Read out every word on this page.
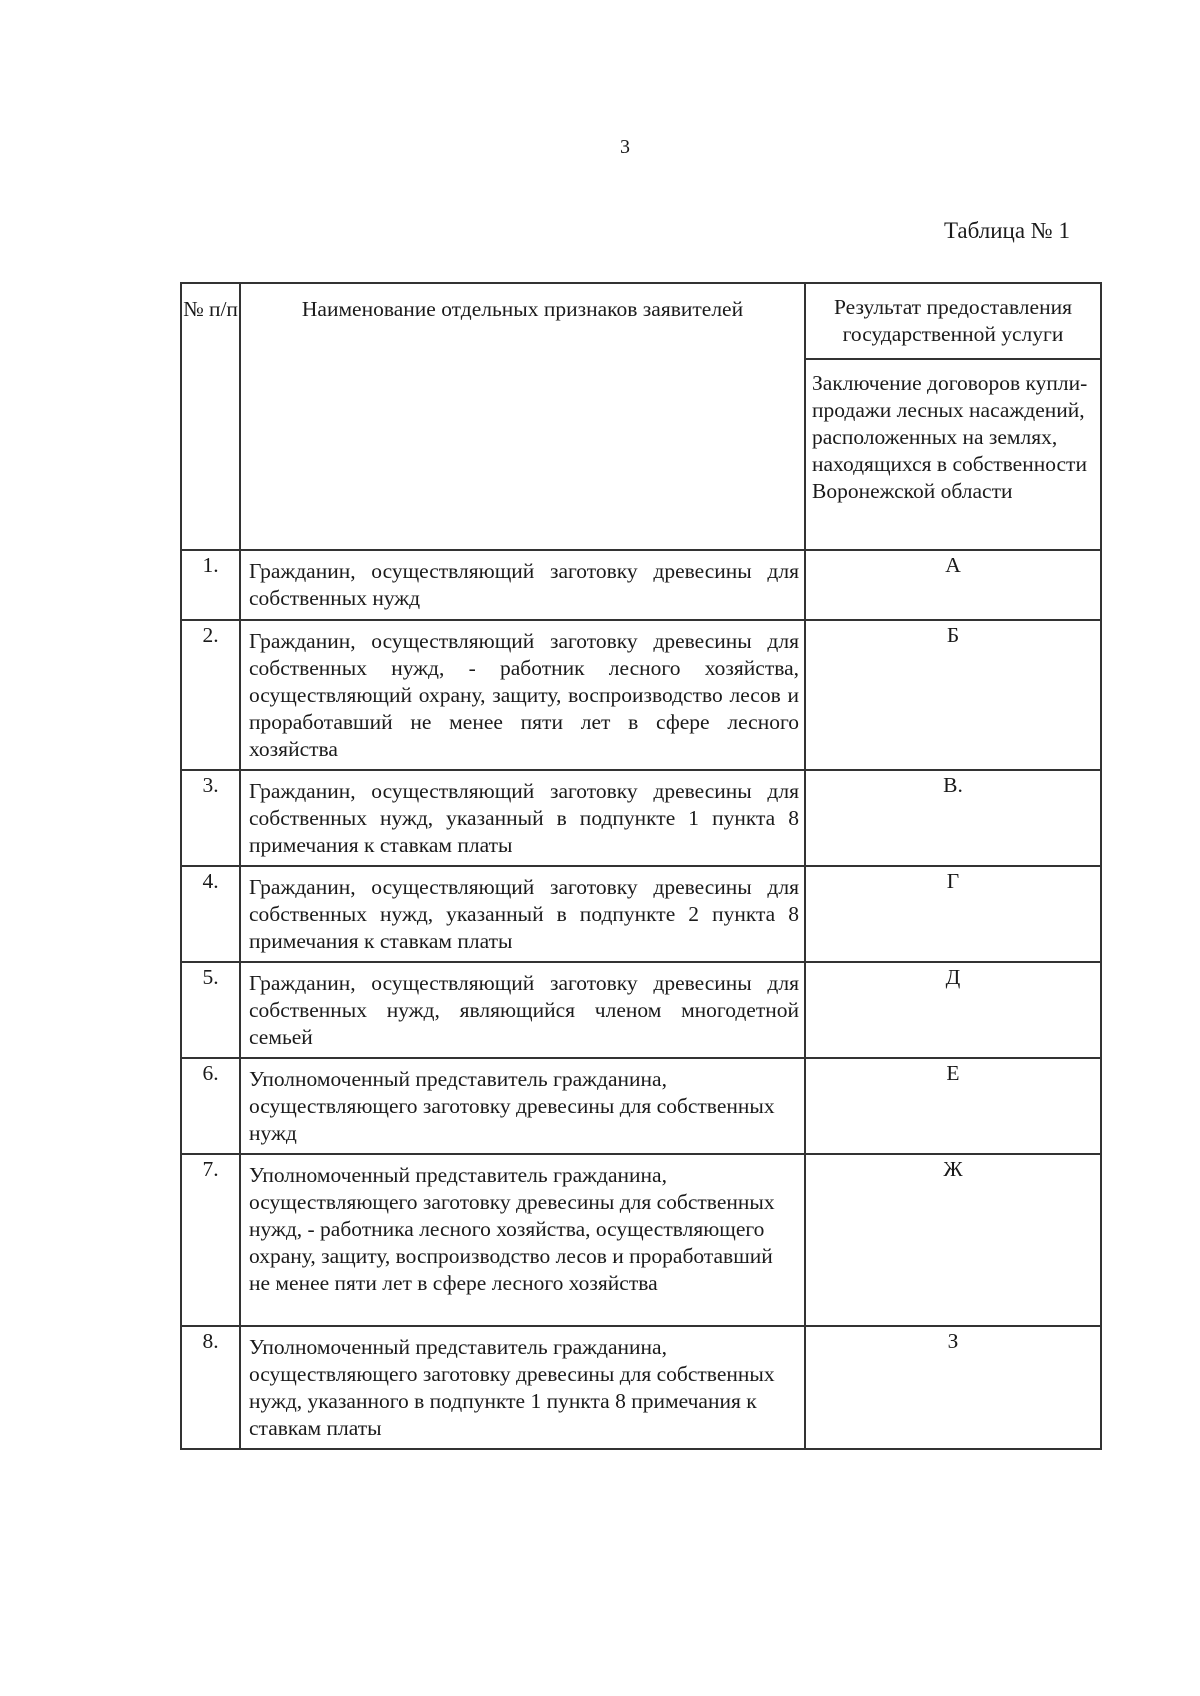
3
Таблица № 1
№ п/п	Наименование отдельных признаков заявителей	Результат предоставления государственной услуги
		Заключение договоров купли-продажи лесных насаждений, расположенных на землях, находящихся в собственности Воронежской области
1.	Гражданин, осуществляющий заготовку древесины для собственных нужд	А
2.	Гражданин, осуществляющий заготовку древесины для собственных нужд, - работник лесного хозяйства, осуществляющий охрану, защиту, воспроизводство лесов и проработавший не менее пяти лет в сфере лесного хозяйства	Б
3.	Гражданин, осуществляющий заготовку древесины для собственных нужд, указанный в подпункте 1 пункта 8 примечания к ставкам платы	В.
4.	Гражданин, осуществляющий заготовку древесины для собственных нужд, указанный в подпункте 2 пункта 8 примечания к ставкам платы	Г
5.	Гражданин, осуществляющий заготовку древесины для собственных нужд, являющийся членом многодетной семьей	Д
6.	Уполномоченный представитель гражданина, осуществляющего заготовку древесины для собственных нужд	Е
7.	Уполномоченный представитель гражданина, осуществляющего заготовку древесины для собственных нужд, - работника лесного хозяйства, осуществляющего охрану, защиту, воспроизводство лесов и проработавший не менее пяти лет в сфере лесного хозяйства	Ж
8.	Уполномоченный представитель гражданина, осуществляющего заготовку древесины для собственных нужд, указанного в подпункте 1 пункта 8 примечания к ставкам платы	З
